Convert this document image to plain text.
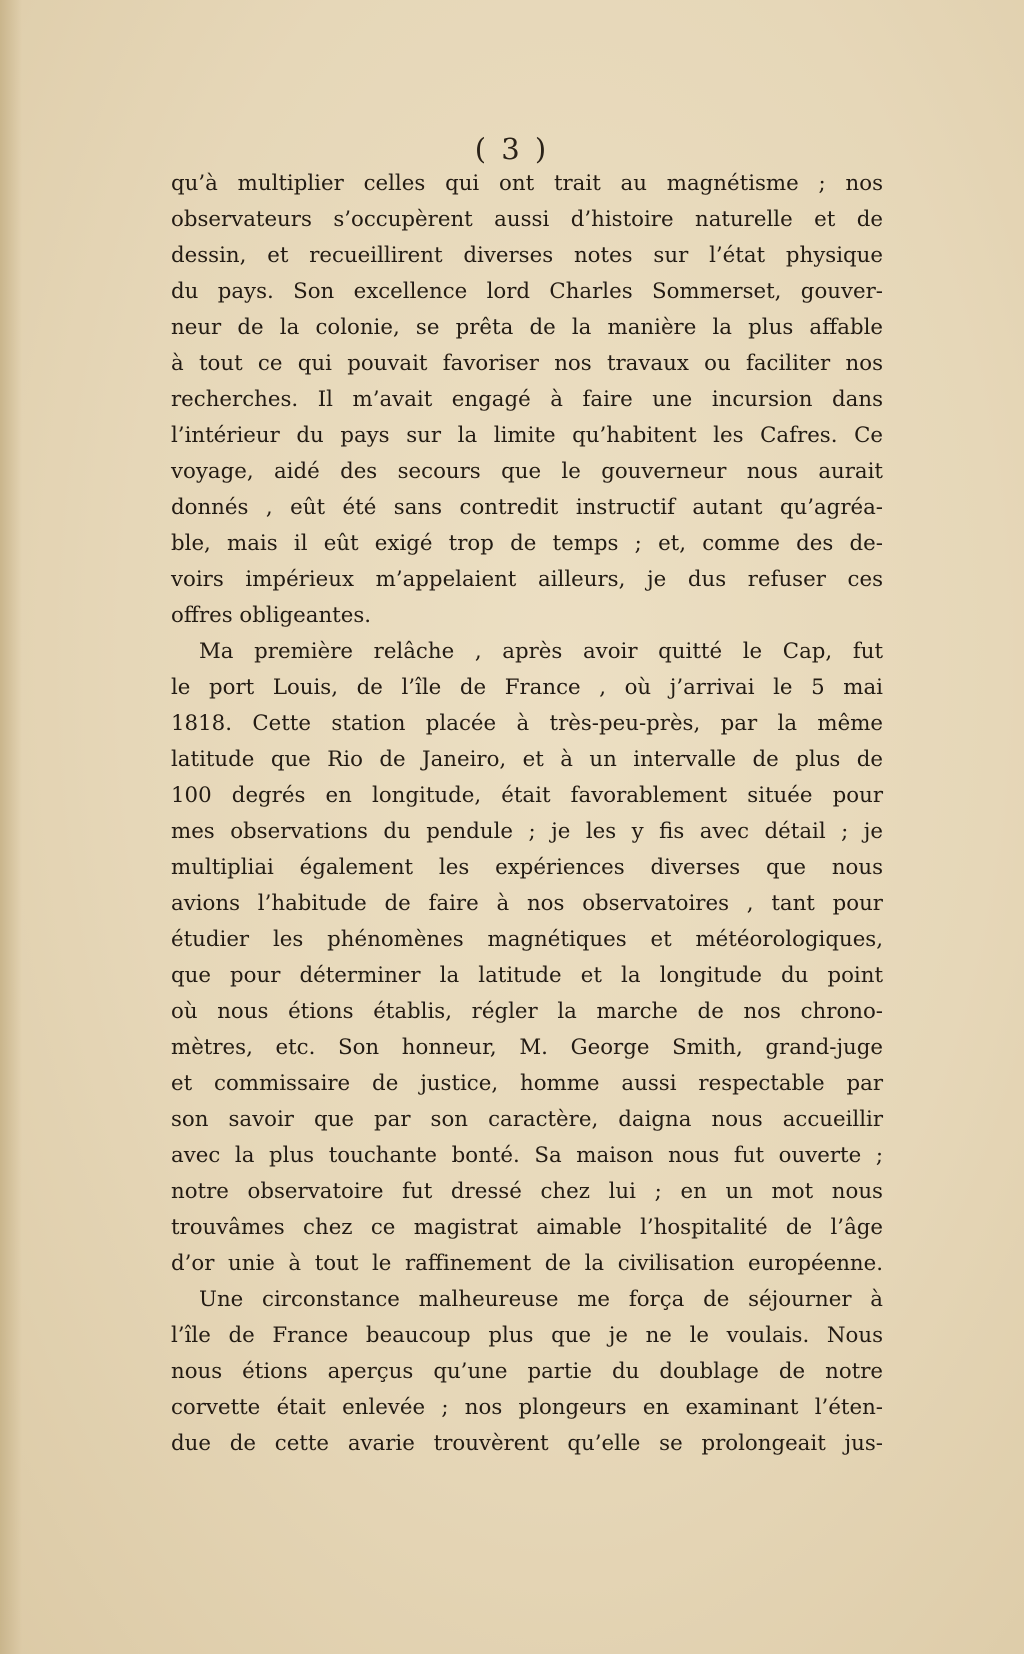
( 3 )
qu’à multiplier celles qui ont trait au magnétisme ; nos
observateurs s’occupèrent aussi d’histoire naturelle et de
dessin, et recueillirent diverses notes sur l’état physique
du pays. Son excellence lord Charles Sommerset, gouver-
neur de la colonie, se prêta de la manière la plus affable
à tout ce qui pouvait favoriser nos travaux ou faciliter nos
recherches. Il m’avait engagé à faire une incursion dans
l’intérieur du pays sur la limite qu’habitent les Cafres. Ce
voyage, aidé des secours que le gouverneur nous aurait
donnés , eût été sans contredit instructif autant qu’agréa-
ble, mais il eût exigé trop de temps ; et, comme des de-
voirs impérieux m’appelaient ailleurs, je dus refuser ces
offres obligeantes.
Ma première relâche , après avoir quitté le Cap, fut
le port Louis, de l’île de France , où j’arrivai le 5 mai
1818. Cette station placée à très-peu-près, par la même
latitude que Rio de Janeiro, et à un intervalle de plus de
100 degrés en longitude, était favorablement située pour
mes observations du pendule ; je les y fis avec détail ; je
multipliai également les expériences diverses que nous
avions l’habitude de faire à nos observatoires , tant pour
étudier les phénomènes magnétiques et météorologiques,
que pour déterminer la latitude et la longitude du point
où nous étions établis, régler la marche de nos chrono-
mètres, etc. Son honneur, M. George Smith, grand-juge
et commissaire de justice, homme aussi respectable par
son savoir que par son caractère, daigna nous accueillir
avec la plus touchante bonté. Sa maison nous fut ouverte ;
notre observatoire fut dressé chez lui ; en un mot nous
trouvâmes chez ce magistrat aimable l’hospitalité de l’âge
d’or unie à tout le raffinement de la civilisation européenne.
Une circonstance malheureuse me força de séjourner à
l’île de France beaucoup plus que je ne le voulais. Nous
nous étions aperçus qu’une partie du doublage de notre
corvette était enlevée ; nos plongeurs en examinant l’éten-
due de cette avarie trouvèrent qu’elle se prolongeait jus-
